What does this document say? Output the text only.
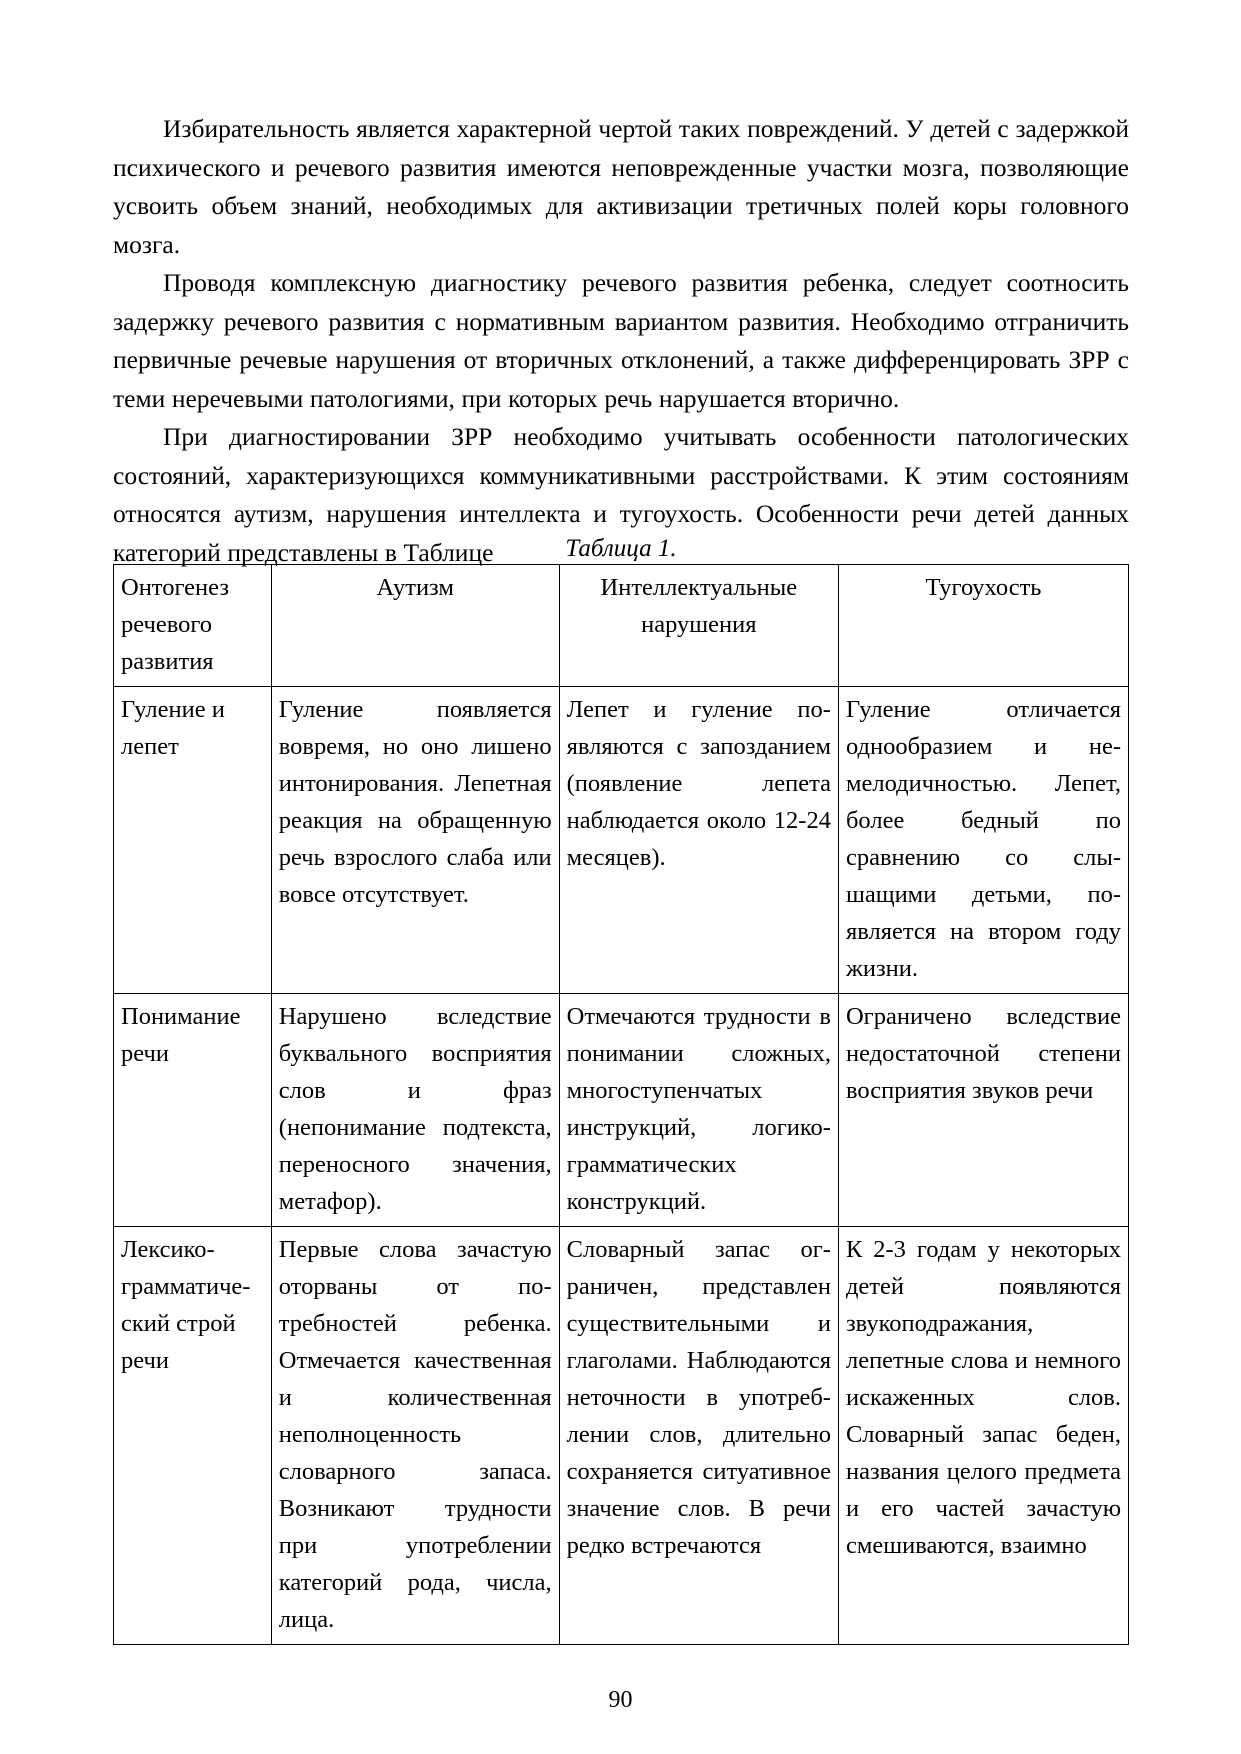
Избирательность является характерной чертой таких повреждений. У детей с задержкой психического и речевого развития имеются неповрежденные участки мозга, позволяющие усвоить объем знаний, необходимых для активизации третичных полей коры головного мозга.

Проводя комплексную диагностику речевого развития ребенка, следует соотносить задержку речевого развития с нормативным вариантом развития. Необходимо отграничить первичные речевые нарушения от вторичных отклонений, а также дифференцировать ЗРР с теми неречевыми патологиями, при которых речь нарушается вторично.

При диагностировании ЗРР необходимо учитывать особенности патологических состояний, характеризующихся коммуникативными расстройствами. К этим состояниям относятся аутизм, нарушения интеллекта и тугоухость. Особенности речи детей данных категорий представлены в Таблице	Таблица 1.
Онтогенез речевого развития	Аутизм	Интеллектуальные нарушения	Тугоухость
Гуление и лепет	Гуление появляется вовремя, но оно лишено интонирования. Лепетная реакция на обращенную речь взрослого слаба или вовсе отсутствует.	Лепет и гуление появляются с запозданием (появление лепета наблюдается около 12-24 месяцев).	Гуление отличается однообразием и немелодичностью. Лепет, более бедный по сравнению со слышащими детьми, появляется на втором году жизни.
Понимание речи	Нарушено вследствие буквального восприятия слов и фраз (непонимание подтекста, переносного значения, метафор).	Отмечаются трудности в понимании сложных, многоступенчатых инструкций, логико-грамматических конструкций.	Ограничено вследствие недостаточной степени восприятия звуков речи
Лексико-грамматический строй речи	Первые слова зачастую оторваны от потребностей ребенка. Отмечается качественная и количественная неполноценность словарного запаса. Возникают трудности при употреблении категорий рода, числа, лица.	Словарный запас ограничен, представлен существительными и глаголами. Наблюдаются неточности в употреблении слов, длительно сохраняется ситуативное значение слов. В речи редко встречаются	К 2-3 годам у некоторых детей появляются звукоподражания, лепетные слова и немного искаженных слов. Словарный запас беден, названия целого предмета и его частей зачастую смешиваются, взаимно
90
